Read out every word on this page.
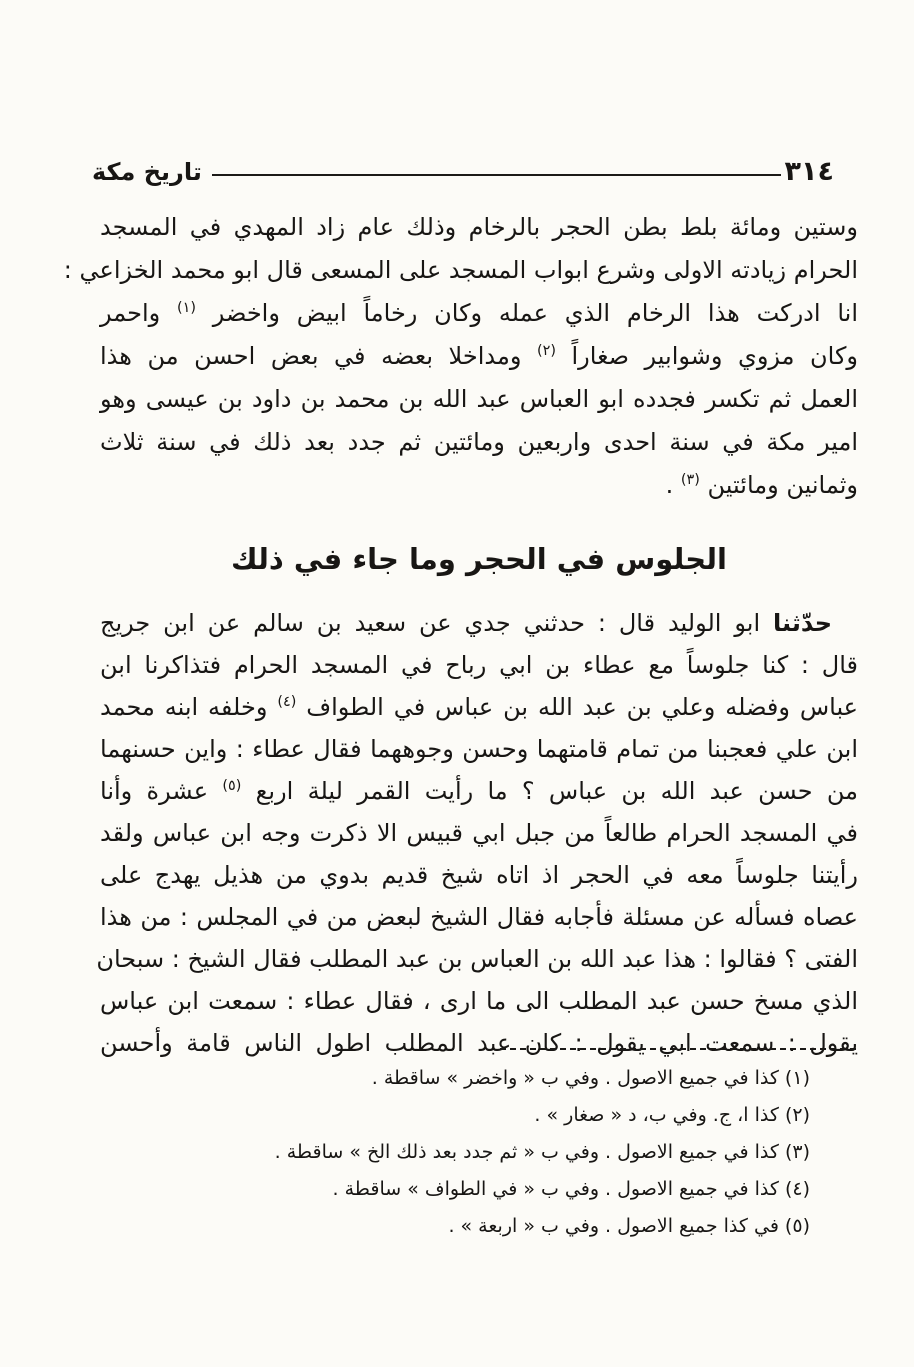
٣١٤
تاريخ مكة
وستين ومائة بلط بطن الحجر بالرخام وذلك عام زاد المهدي في المسجد
الحرام زيادته الاولى وشرع ابواب المسجد على المسعى قال ابو محمد الخزاعي :
انا ادركت هذا الرخام الذي عمله وكان رخاماً ابيض واخضر $^{(١)}$ واحمر
وكان مزوي وشوابير صغاراً $^{(٢)}$ ومداخلا بعضه في بعض احسن من هذا
العمل ثم تكسر فجدده ابو العباس عبد الله بن محمد بن داود بن عيسى وهو
امير مكة في سنة احدى واربعين ومائتين ثم جدد بعد ذلك في سنة ثلاث
وثمانين ومائتين $^{(٣)}$ .
الجلوس في الحجر وما جاء في ذلك
حدّثنا ابو الوليد قال : حدثني جدي عن سعيد بن سالم عن ابن جريج
قال : كنا جلوساً مع عطاء بن ابي رباح في المسجد الحرام فتذاكرنا ابن
عباس وفضله وعلي بن عبد الله بن عباس في الطواف $^{(٤)}$ وخلفه ابنه محمد
ابن علي فعجبنا من تمام قامتهما وحسن وجوههما فقال عطاء : واين حسنهما
من حسن عبد الله بن عباس ؟ ما رأيت القمر ليلة اربع $^{(٥)}$ عشرة وأنا
في المسجد الحرام طالعاً من جبل ابي قبيس الا ذكرت وجه ابن عباس ولقد
رأيتنا جلوساً معه في الحجر اذ اتاه شيخ قديم بدوي من هذيل يهدج على
عصاه فسأله عن مسئلة فأجابه فقال الشيخ لبعض من في المجلس : من هذا
الفتى ؟ فقالوا : هذا عبد الله بن العباس بن عبد المطلب فقال الشيخ : سبحان
الذي مسخ حسن عبد المطلب الى ما ارى ، فقال عطاء : سمعت ابن عباس
يقول : سمعت ابي يقول : كان عبد المطلب اطول الناس قامة وأحسن
(١) كذا في جميع الاصول . وفي ب « واخضر » ساقطة .
(٢) كذا ا، ج. وفي ب، د « صغار » .
(٣) كذا في جميع الاصول . وفي ب « ثم جدد بعد ذلك الخ » ساقطة .
(٤) كذا في جميع الاصول . وفي ب « في الطواف » ساقطة .
(٥) في كذا جميع الاصول . وفي ب « اربعة » .
